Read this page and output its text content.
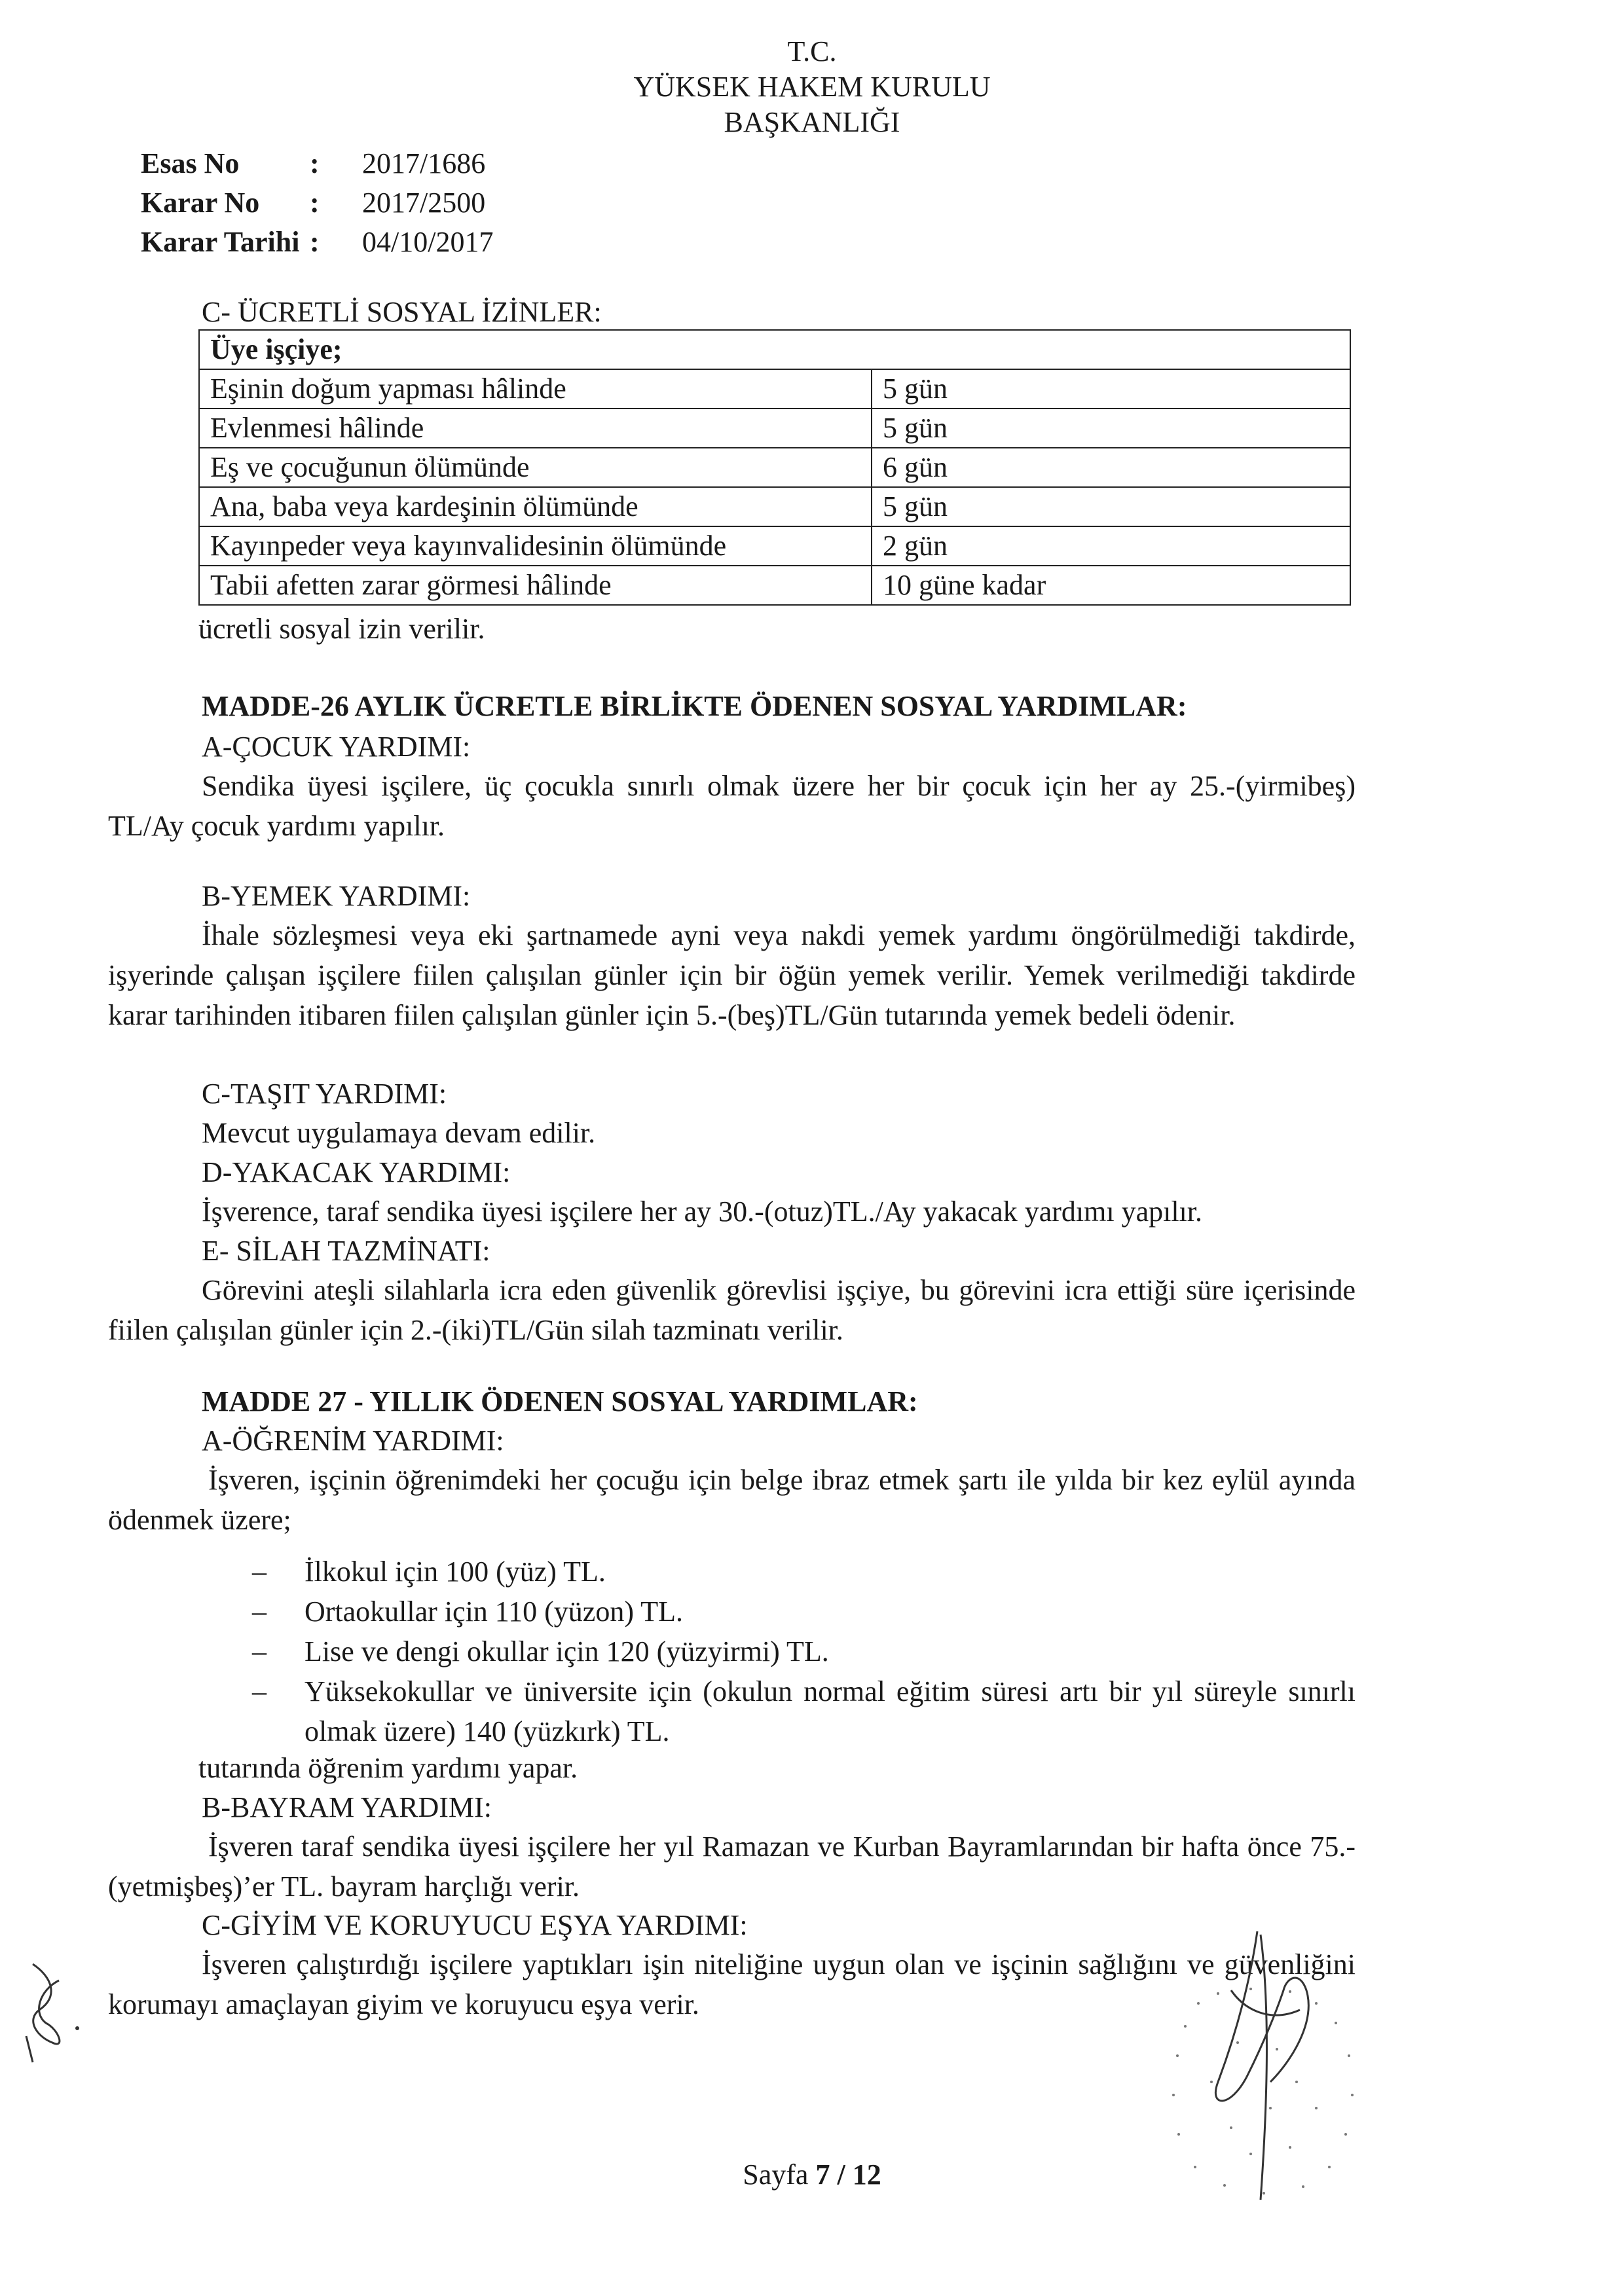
T.C.
YÜKSEK HAKEM KURULU
BAŞKANLIĞI
Esas No	:	2017/1686
Karar No	:	2017/2500
Karar Tarihi :	04/10/2017
C- ÜCRETLİ SOSYAL İZİNLER:
Üye işçiye;	
Eşinin doğum yapması hâlinde	5 gün
Evlenmesi hâlinde	5 gün
Eş ve çocuğunun ölümünde	6 gün
Ana, baba veya kardeşinin ölümünde	5 gün
Kayınpeder veya kayınvalidesinin ölümünde	2 gün
Tabii afetten zarar görmesi hâlinde	10 güne kadar
ücretli sosyal izin verilir.
MADDE-26 AYLIK ÜCRETLE BİRLİKTE ÖDENEN SOSYAL YARDIMLAR:
A-ÇOCUK YARDIMI:
Sendika üyesi işçilere, üç çocukla sınırlı olmak üzere her bir çocuk için her ay 25.-(yirmibeş) TL/Ay çocuk yardımı yapılır.
B-YEMEK YARDIMI:
İhale sözleşmesi veya eki şartnamede ayni veya nakdi yemek yardımı öngörülmediği takdirde, işyerinde çalışan işçilere fiilen çalışılan günler için bir öğün yemek verilir. Yemek verilmediği takdirde karar tarihinden itibaren fiilen çalışılan günler için 5.-(beş)TL/Gün tutarında yemek bedeli ödenir.
C-TAŞIT YARDIMI:
Mevcut uygulamaya devam edilir.
D-YAKACAK YARDIMI:
İşverence, taraf sendika üyesi işçilere her ay 30.-(otuz)TL./Ay yakacak yardımı yapılır.
E- SİLAH TAZMİNATI:
Görevini ateşli silahlarla icra eden güvenlik görevlisi işçiye, bu görevini icra ettiği süre içerisinde fiilen çalışılan günler için 2.-(iki)TL/Gün silah tazminatı verilir.
MADDE 27 - YILLIK ÖDENEN SOSYAL YARDIMLAR:
A-ÖĞRENİM YARDIMI:
İşveren, işçinin öğrenimdeki her çocuğu için belge ibraz etmek şartı ile yılda bir kez eylül ayında ödenmek üzere;
–	İlkokul için 100 (yüz) TL.
–	Ortaokullar için 110 (yüzon) TL.
–	Lise ve dengi okullar için 120 (yüzyirmi) TL.
–	Yüksekokullar ve üniversite için (okulun normal eğitim süresi artı bir yıl süreyle sınırlı olmak üzere) 140 (yüzkırk) TL.
tutarında öğrenim yardımı yapar.
B-BAYRAM YARDIMI:
İşveren taraf sendika üyesi işçilere her yıl Ramazan ve Kurban Bayramlarından bir hafta önce 75.-(yetmişbeş)’er TL. bayram harçlığı verir.
C-GİYİM VE KORUYUCU EŞYA YARDIMI:
İşveren çalıştırdığı işçilere yaptıkları işin niteliğine uygun olan ve işçinin sağlığını ve güvenliğini korumayı amaçlayan giyim ve koruyucu eşya verir.
Sayfa 7 / 12
